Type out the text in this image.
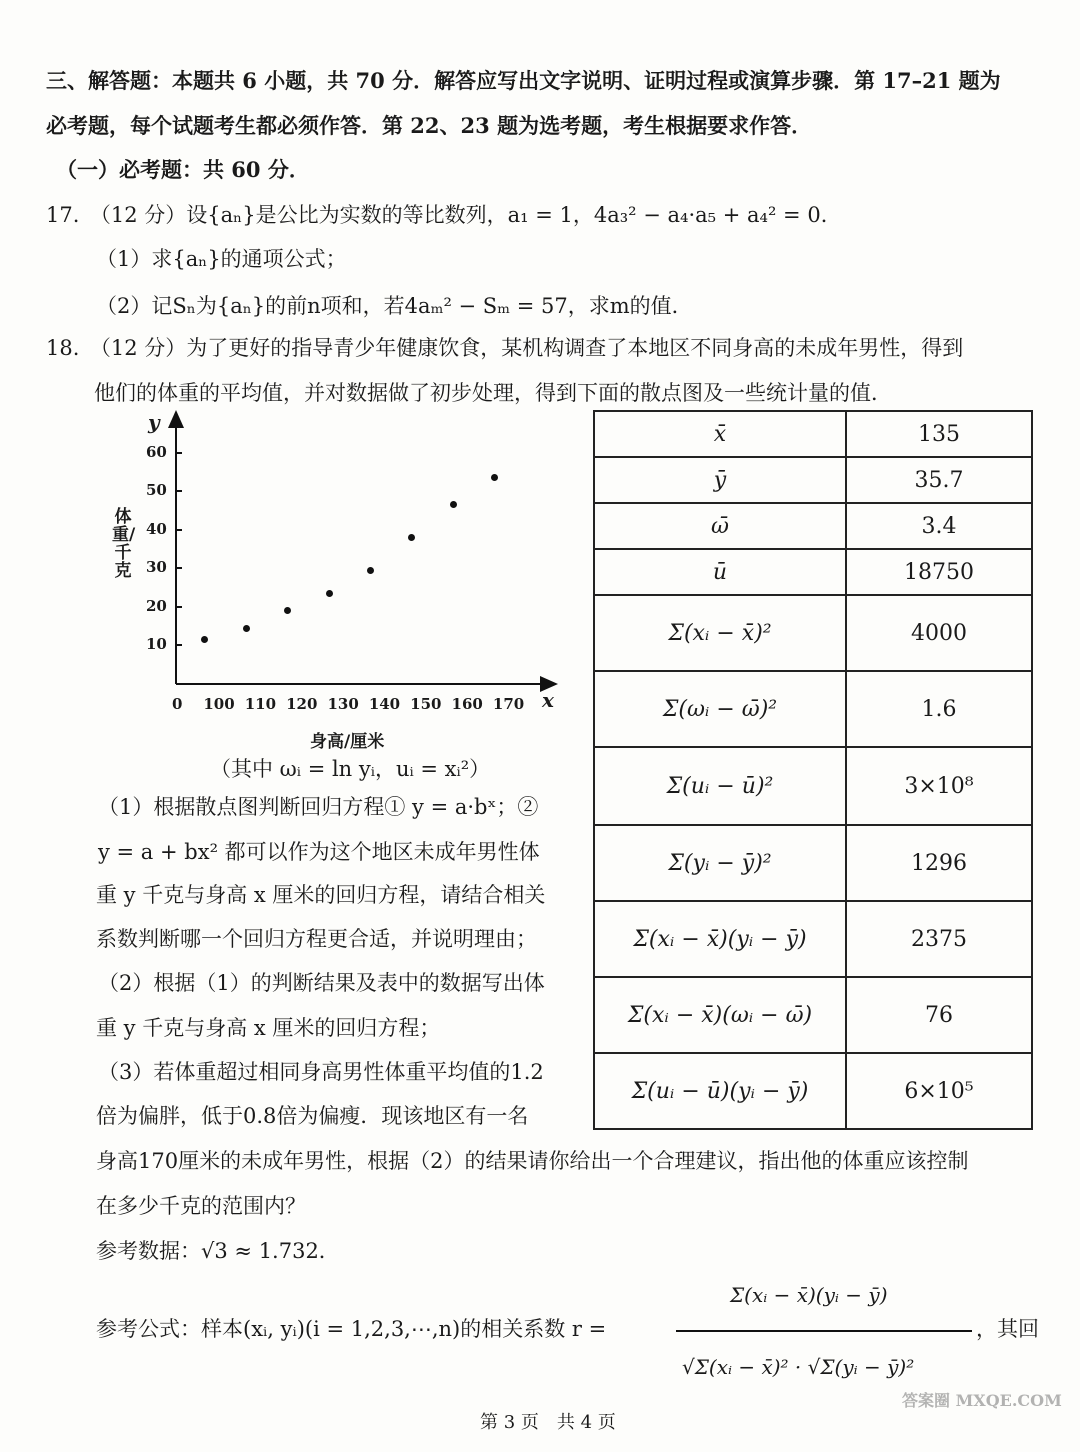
三、解答题：本题共 6 小题，共 70 分．解答应写出文字说明、证明过程或演算步骤．第 17–21 题为
必考题，每个试题考生都必须作答．第 22、23 题为选考题，考生根据要求作答．
（一）必考题：共 60 分．
17.　（12 分）设{aₙ}是公比为实数的等比数列，a₁ = 1，4a₃² − a₄·a₅ + a₄² = 0．
（1）求{aₙ}的通项公式；
（2）记Sₙ为{aₙ}的前n项和，若4aₘ² − Sₘ = 57，求m的值．
18.　（12 分）为了更好的指导青少年健康饮食，某机构调查了本地区不同身高的未成年男性，得到
他们的体重的平均值，并对数据做了初步处理，得到下面的散点图及一些统计量的值．
100 110 120 130 140 150 160 170
10
20
30
40
50
60
y
x
0
体重/千克
身高/厘米
（其中 ωᵢ = ln yᵢ，uᵢ = xᵢ²）
（1）根据散点图判断回归方程① y = a·bˣ；②
y = a + bx² 都可以作为这个地区未成年男性体
重 y 千克与身高 x 厘米的回归方程，请结合相关
系数判断哪一个回归方程更合适，并说明理由；
（2）根据（1）的判断结果及表中的数据写出体
重 y 千克与身高 x 厘米的回归方程；
（3）若体重超过相同身高男性体重平均值的1.2
倍为偏胖，低于0.8倍为偏瘦．现该地区有一名
身高170厘米的未成年男性，根据（2）的结果请你给出一个合理建议，指出他的体重应该控制
在多少千克的范围内？
参考数据：√3 ≈ 1.732．
参考公式：样本(xᵢ, yᵢ)(i = 1,2,3,⋯,n)的相关系数 r =
Σ(xᵢ − x̄)(yᵢ − ȳ)
√Σ(xᵢ − x̄)² · √Σ(yᵢ − ȳ)²
，其回
x̄	135
ȳ	35.7
ω̄	3.4
ū	18750
Σ(xᵢ − x̄)²	4000
Σ(ωᵢ − ω̄)²	1.6
Σ(uᵢ − ū)²	3×10⁸
Σ(yᵢ − ȳ)²	1296
Σ(xᵢ − x̄)(yᵢ − ȳ)	2375
Σ(xᵢ − x̄)(ωᵢ − ω̄)	76
Σ(uᵢ − ū)(yᵢ − ȳ)	6×10⁵
第 3 页　共 4 页
答案圈 MXQE.COM
